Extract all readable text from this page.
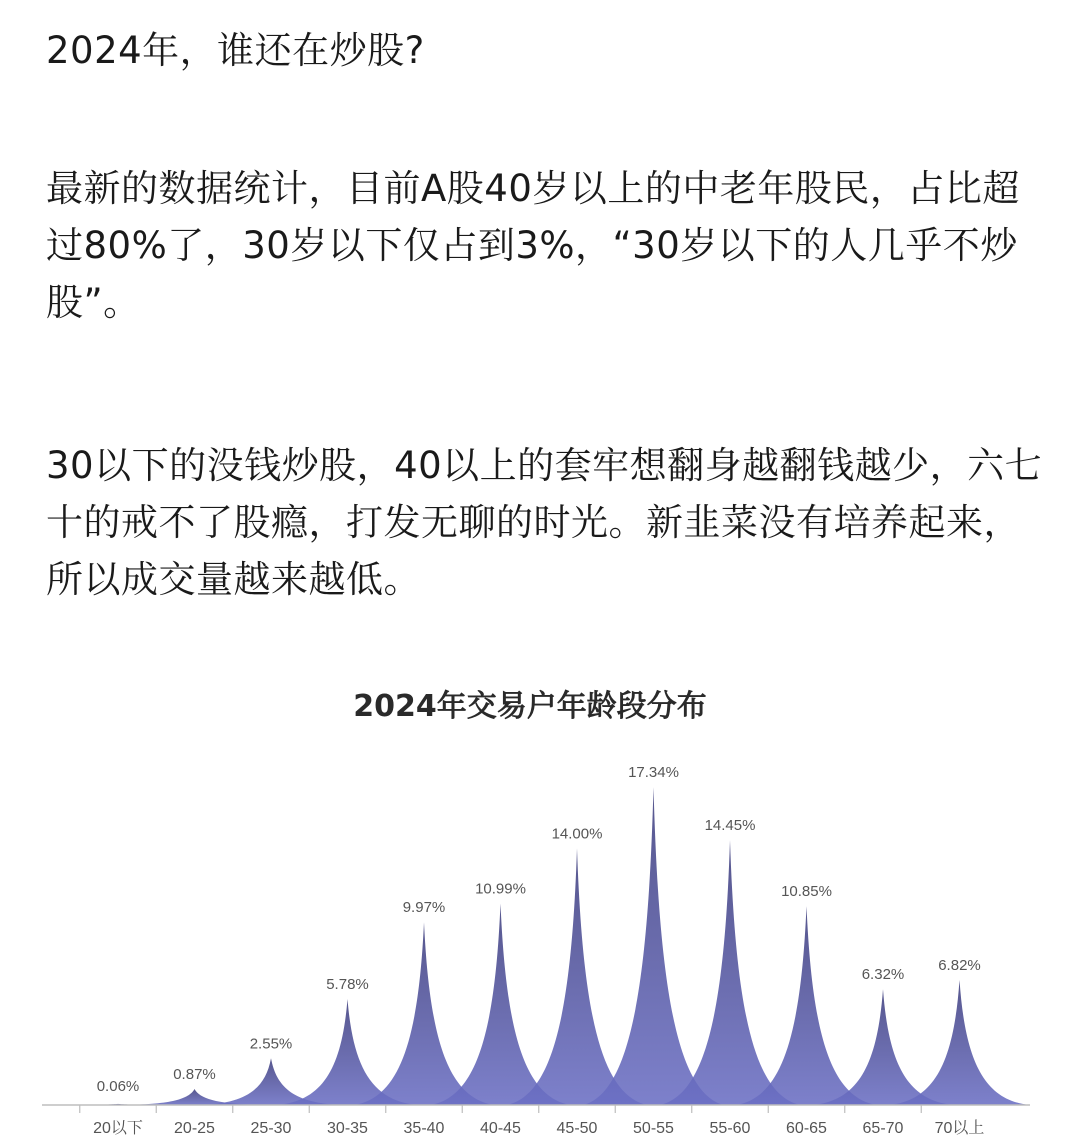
2024年，谁还在炒股?

最新的数据统计，目前A股40岁以上的中老年股民，占比超过80%了，30岁以下仅占到3%，“30岁以下的人几乎不炒股”。

30以下的没钱炒股，40以上的套牢想翻身越翻钱越少，六七十的戒不了股瘾，打发无聊的时光。新韭菜没有培养起来，所以成交量越来越低。

2024年交易户年龄段分布
20以下 20-25 25-30 30-35 35-40 40-45 45-50 50-55 55-60 60-65 65-70 70以上
0.06%
0.87%
2.55%
5.78%
9.97%
10.99%
14.00%
17.34%
14.45%
10.85%
6.32%
6.82%
